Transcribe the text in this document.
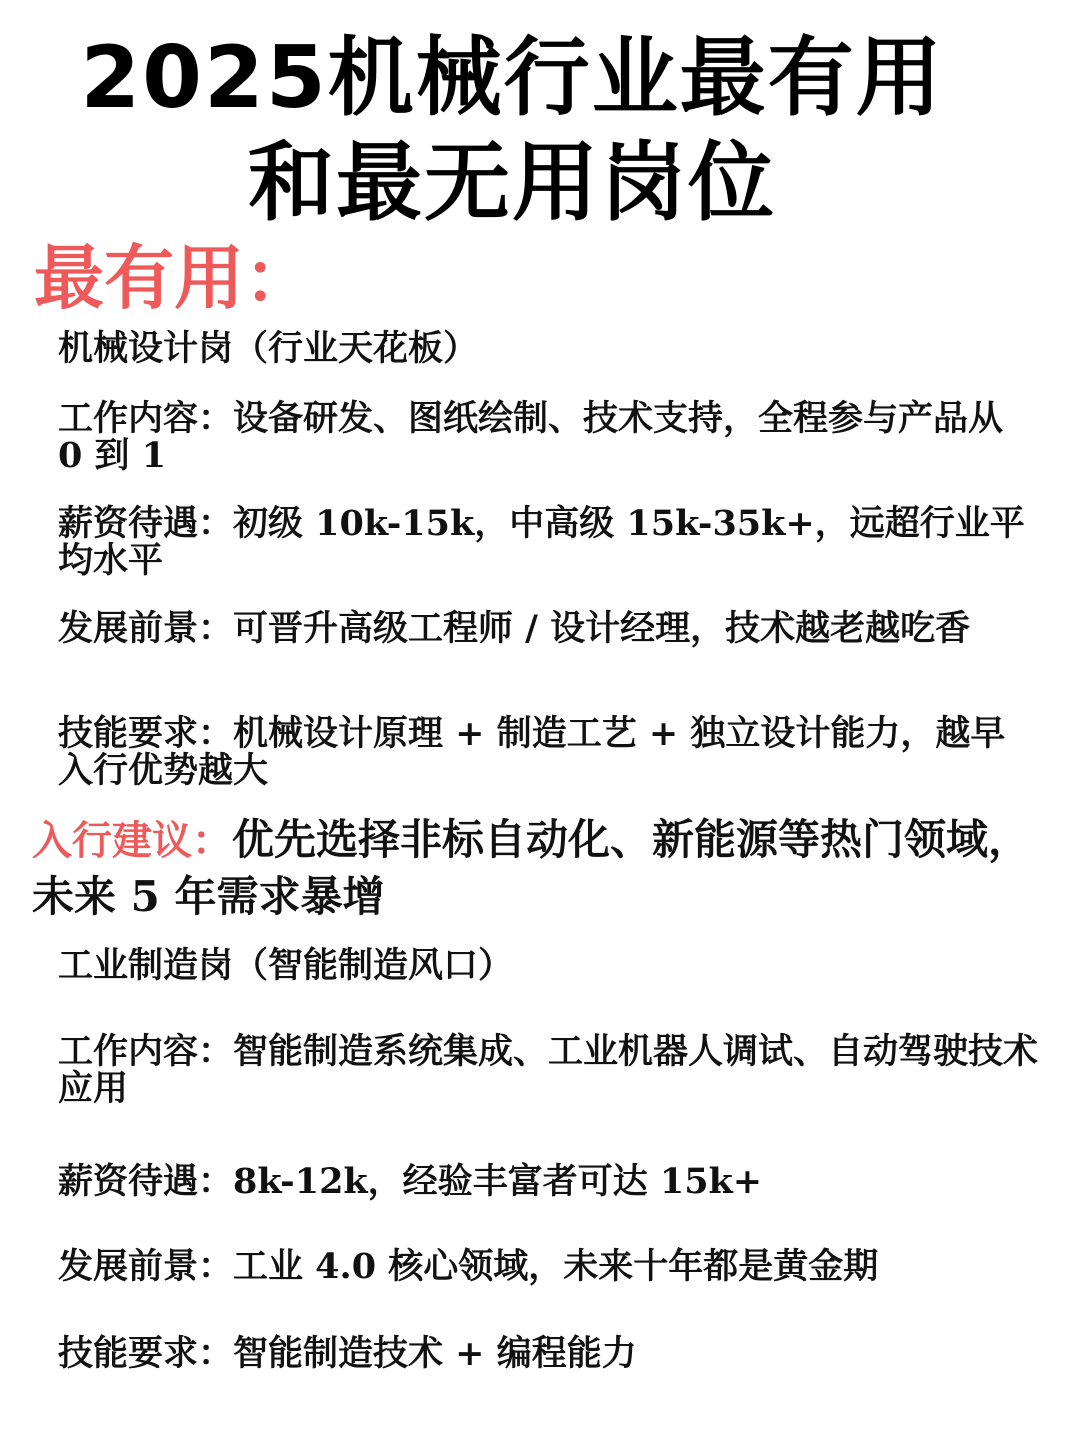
2025机械行业最有用
和最无用岗位
最有用：

机械设计岗（行业天花板）

工作内容：设备研发、图纸绘制、技术支持，全程参与产品从 0 到 1

薪资待遇：初级 10k-15k，中高级 15k-35k+，远超行业平均水平

发展前景：可晋升高级工程师 / 设计经理，技术越老越吃香

技能要求：机械设计原理 + 制造工艺 + 独立设计能力，越早入行优势越大

入行建议：优先选择非标自动化、新能源等热门领域，未来 5 年需求暴增

工业制造岗（智能制造风口）

工作内容：智能制造系统集成、工业机器人调试、自动驾驶技术应用

薪资待遇：8k-12k，经验丰富者可达 15k+

发展前景：工业 4.0 核心领域，未来十年都是黄金期

技能要求：智能制造技术 + 编程能力
